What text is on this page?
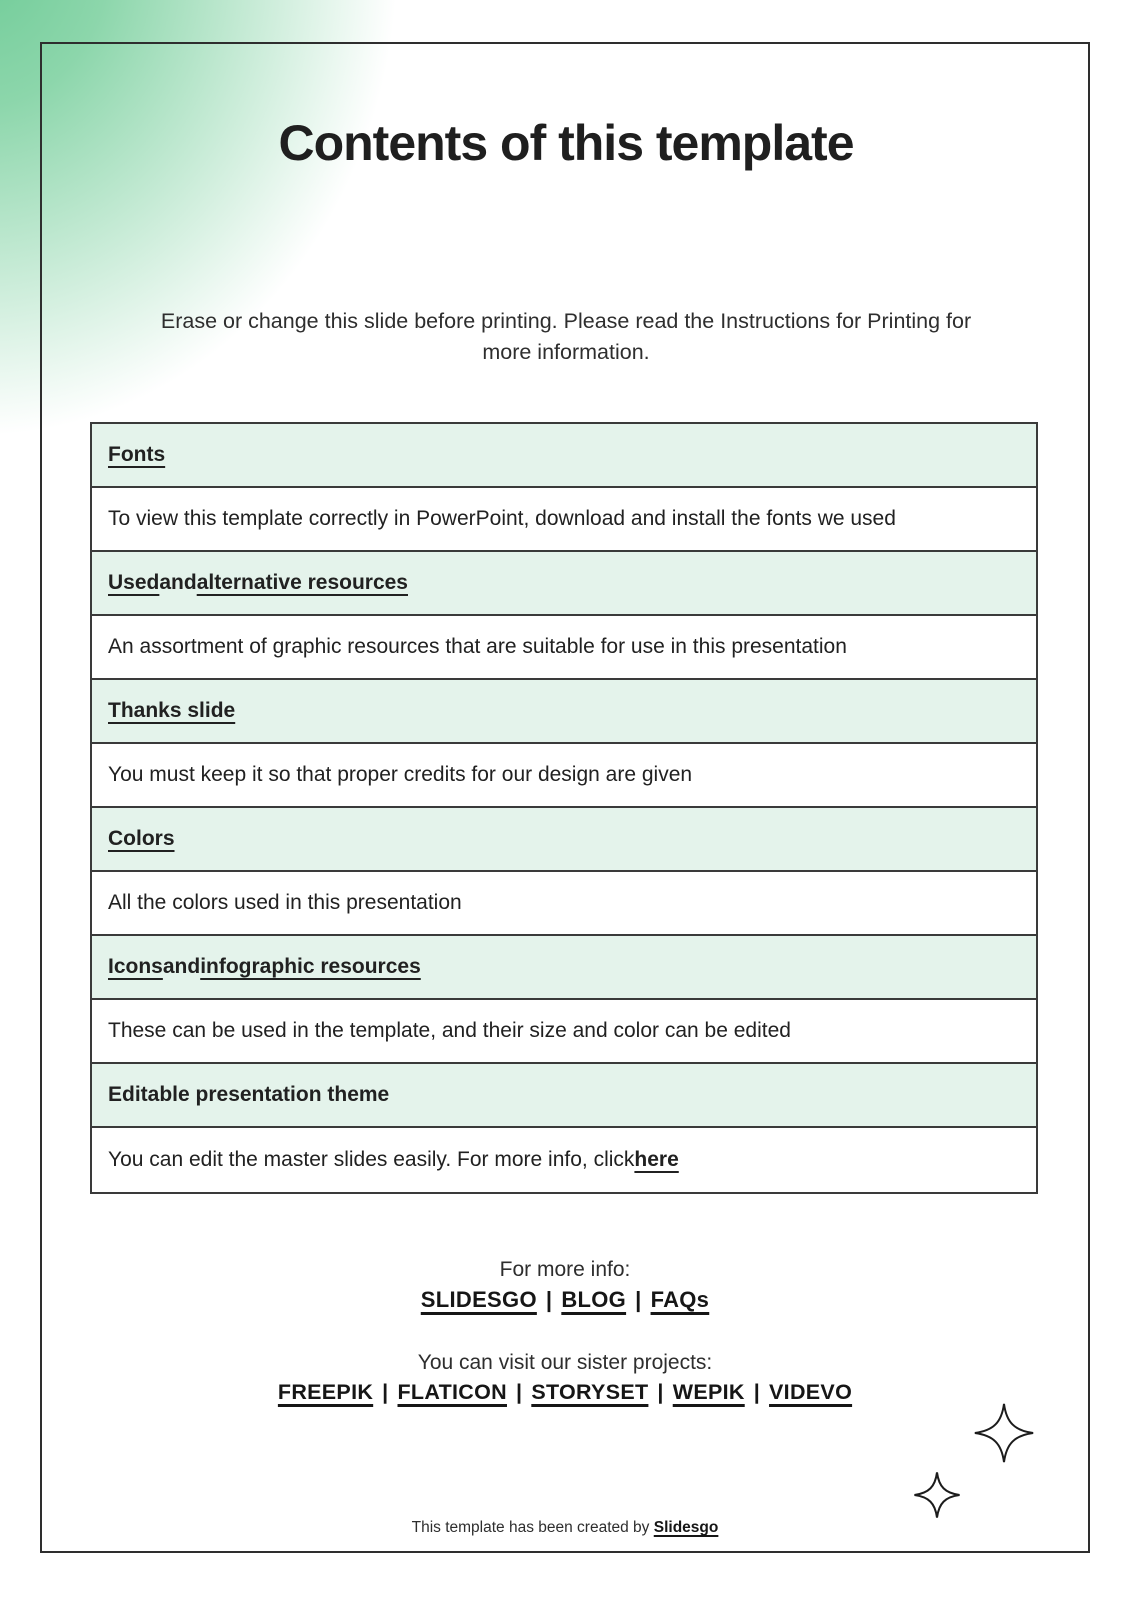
Contents of this template

Erase or change this slide before printing. Please read the Instructions for Printing for more information.

Fonts
To view this template correctly in PowerPoint, download and install the fonts we used
Used and alternative resources
An assortment of graphic resources that are suitable for use in this presentation
Thanks slide
You must keep it so that proper credits for our design are given
Colors
All the colors used in this presentation
Icons and infographic resources
These can be used in the template, and their size and color can be edited
Editable presentation theme
You can edit the master slides easily. For more info, click here
For more info:
SLIDESGO | BLOG | FAQs
You can visit our sister projects:
FREEPIK | FLATICON | STORYSET | WEPIK | VIDEVO
This template has been created by Slidesgo
